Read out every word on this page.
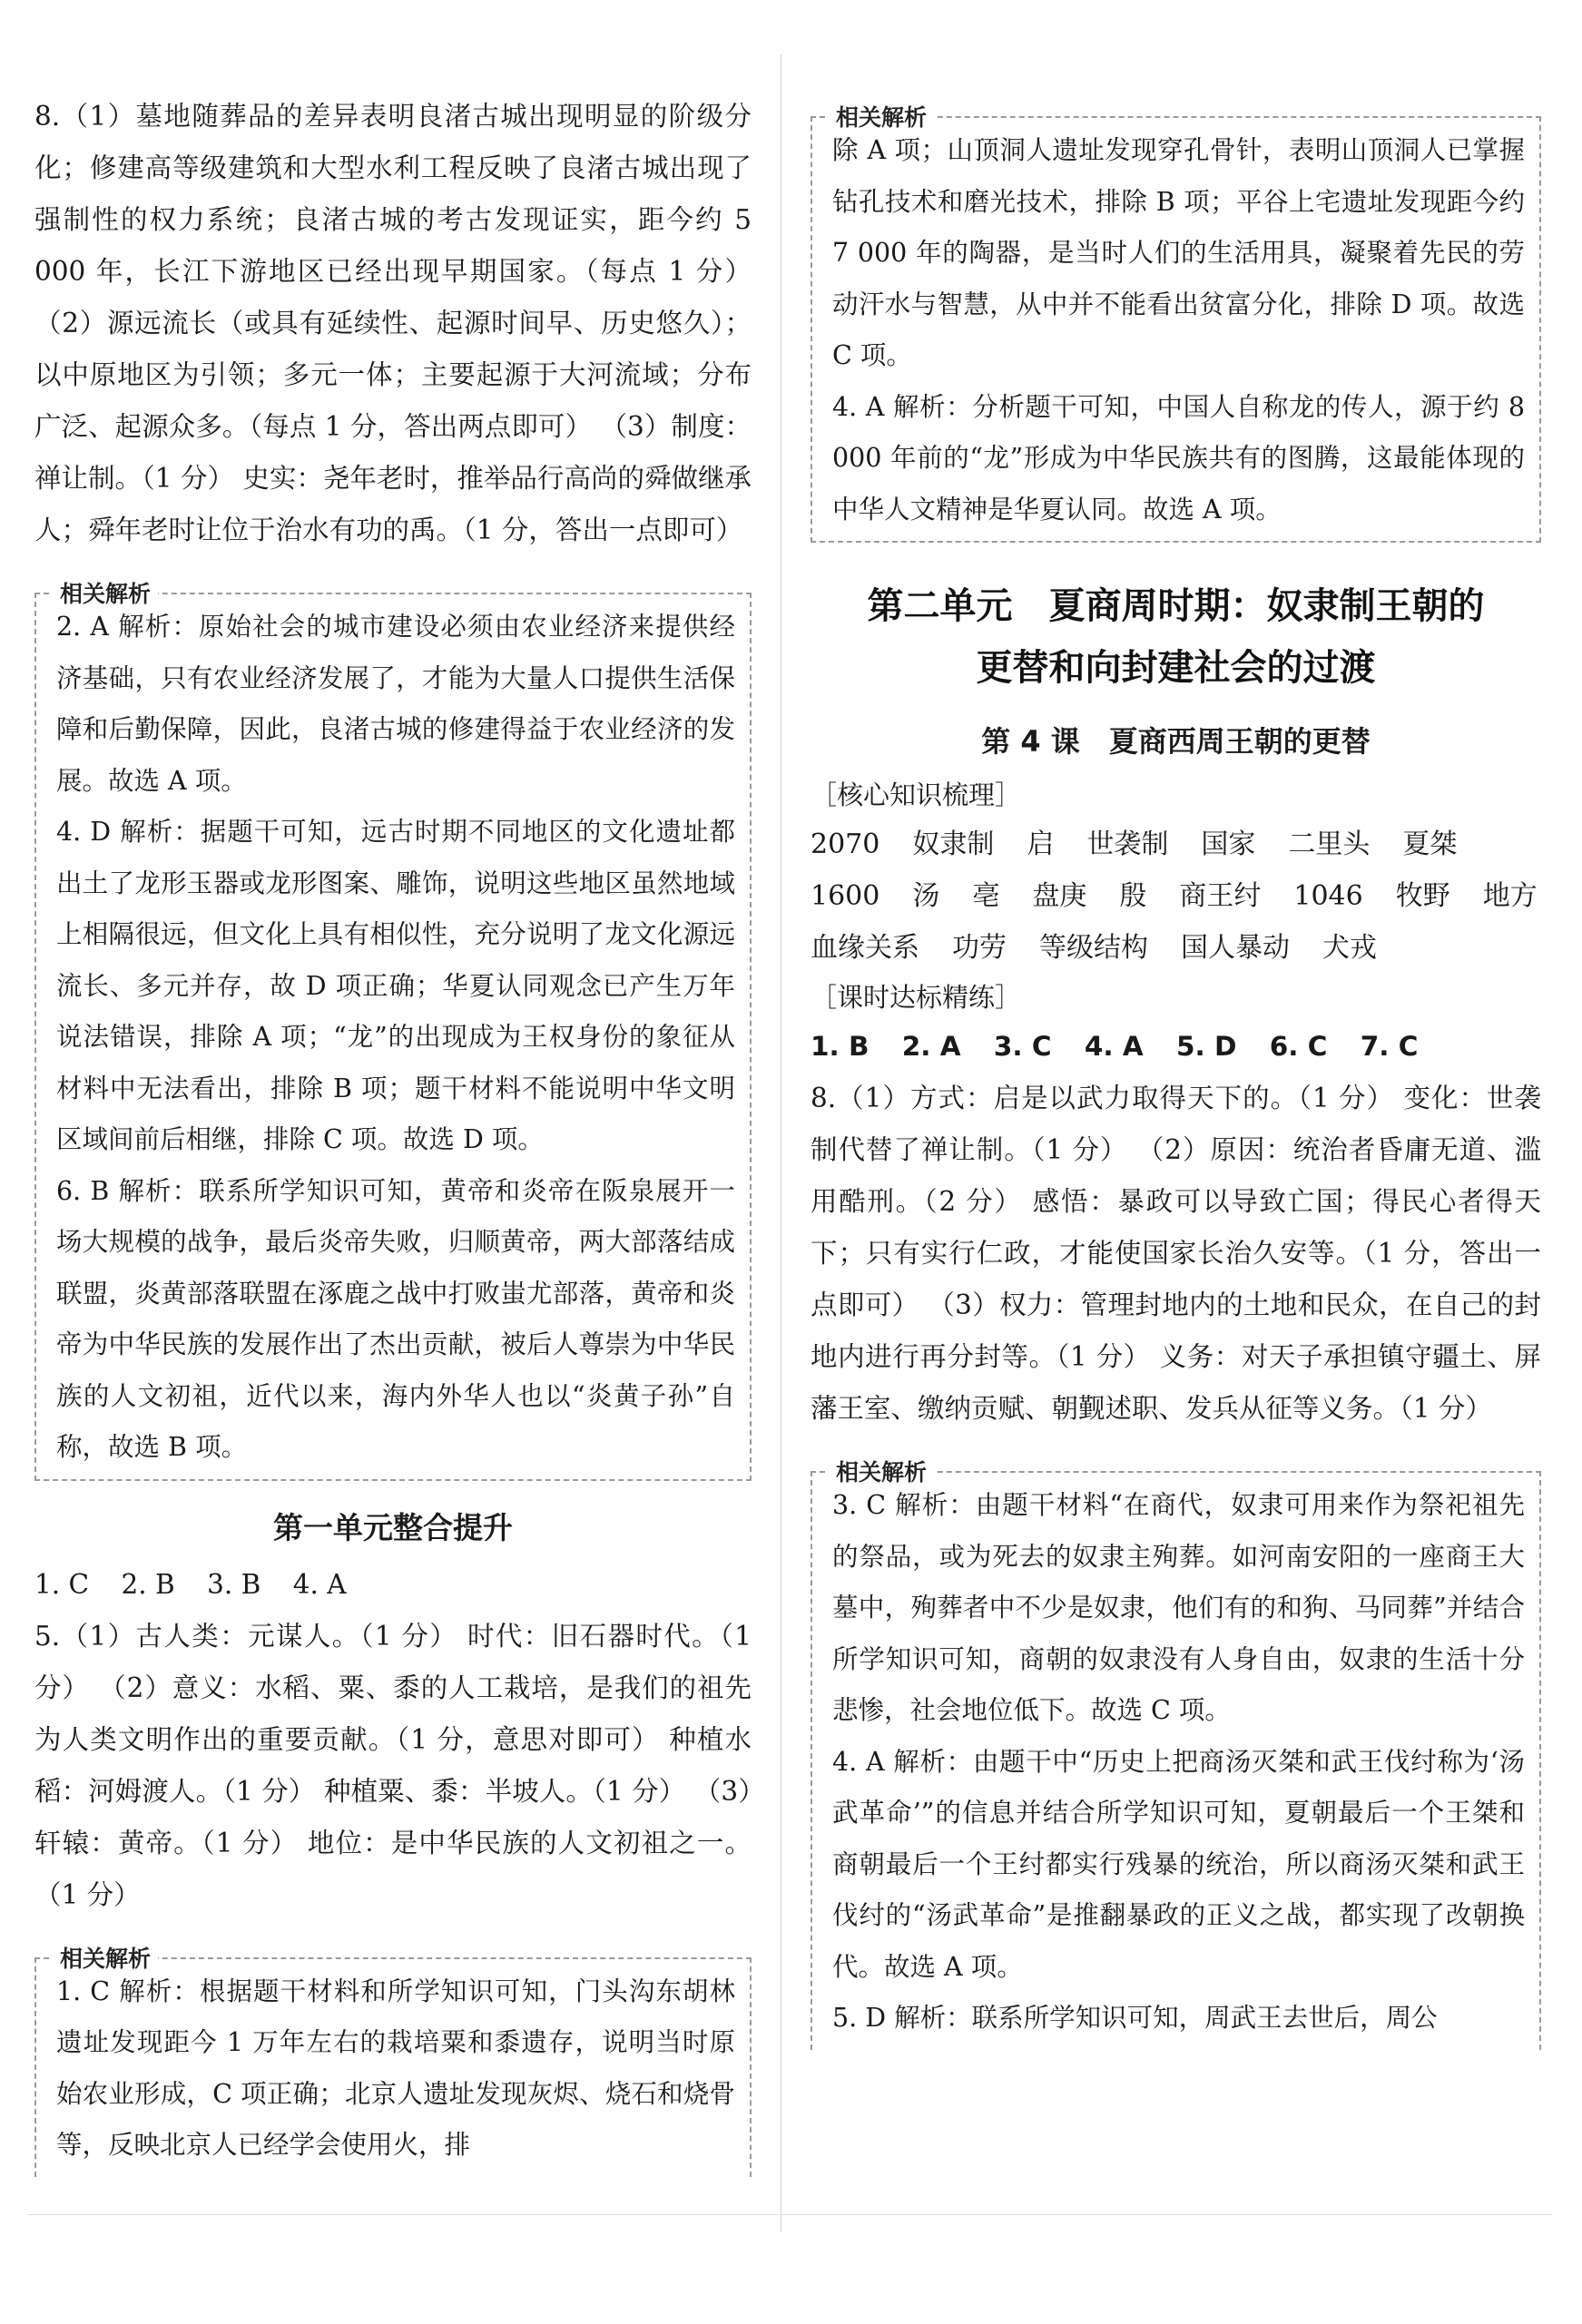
8.（1）墓地随葬品的差异表明良渚古城出现明显的阶级分化；修建高等级建筑和大型水利工程反映了良渚古城出现了强制性的权力系统；良渚古城的考古发现证实，距今约 5 000 年，长江下游地区已经出现早期国家。（每点 1 分） （2）源远流长（或具有延续性、起源时间早、历史悠久）；以中原地区为引领；多元一体；主要起源于大河流域；分布广泛、起源众多。（每点 1 分，答出两点即可） （3）制度：禅让制。（1 分） 史实：尧年老时，推举品行高尚的舜做继承人；舜年老时让位于治水有功的禹。（1 分，答出一点即可）

相关解析

2. A 解析：原始社会的城市建设必须由农业经济来提供经济基础，只有农业经济发展了，才能为大量人口提供生活保障和后勤保障，因此，良渚古城的修建得益于农业经济的发展。故选 A 项。

4. D 解析：据题干可知，远古时期不同地区的文化遗址都出土了龙形玉器或龙形图案、雕饰，说明这些地区虽然地域上相隔很远，但文化上具有相似性，充分说明了龙文化源远流长、多元并存，故 D 项正确；华夏认同观念已产生万年说法错误，排除 A 项；“龙”的出现成为王权身份的象征从材料中无法看出，排除 B 项；题干材料不能说明中华文明区域间前后相继，排除 C 项。故选 D 项。

6. B 解析：联系所学知识可知，黄帝和炎帝在阪泉展开一场大规模的战争，最后炎帝失败，归顺黄帝，两大部落结成联盟，炎黄部落联盟在涿鹿之战中打败蚩尤部落，黄帝和炎帝为中华民族的发展作出了杰出贡献，被后人尊崇为中华民族的人文初祖，近代以来，海内外华人也以“炎黄子孙”自称，故选 B 项。

第一单元整合提升

1. C 2. B 3. B 4. A

5.（1）古人类：元谋人。（1 分） 时代：旧石器时代。（1 分） （2）意义：水稻、粟、黍的人工栽培，是我们的祖先为人类文明作出的重要贡献。（1 分，意思对即可） 种植水稻：河姆渡人。（1 分） 种植粟、黍：半坡人。（1 分） （3）轩辕：黄帝。（1 分） 地位：是中华民族的人文初祖之一。（1 分）

相关解析

1. C 解析：根据题干材料和所学知识可知，门头沟东胡林遗址发现距今 1 万年左右的栽培粟和黍遗存，说明当时原始农业形成，C 项正确；北京人遗址发现灰烬、烧石和烧骨等，反映北京人已经学会使用火，排

相关解析

除 A 项；山顶洞人遗址发现穿孔骨针，表明山顶洞人已掌握钻孔技术和磨光技术，排除 B 项；平谷上宅遗址发现距今约 7 000 年的陶器，是当时人们的生活用具，凝聚着先民的劳动汗水与智慧，从中并不能看出贫富分化，排除 D 项。故选 C 项。

4. A 解析：分析题干可知，中国人自称龙的传人，源于约 8 000 年前的“龙”形成为中华民族共有的图腾，这最能体现的中华人文精神是华夏认同。故选 A 项。

第二单元　夏商周时期：奴隶制王朝的
更替和向封建社会的过渡
第 4 课　夏商西周王朝的更替

［核心知识梳理］

2070 奴隶制 启 世袭制 国家 二里头 夏桀1600 汤 亳 盘庚 殷 商王纣 1046 牧野 地方血缘关系 功劳 等级结构 国人暴动 犬戎

［课时达标精练］

1. B 2. A 3. C 4. A 5. D 6. C 7. C

8.（1）方式：启是以武力取得天下的。（1 分） 变化：世袭制代替了禅让制。（1 分） （2）原因：统治者昏庸无道、滥用酷刑。（2 分） 感悟：暴政可以导致亡国；得民心者得天下；只有实行仁政，才能使国家长治久安等。（1 分，答出一点即可） （3）权力：管理封地内的土地和民众，在自己的封地内进行再分封等。（1 分） 义务：对天子承担镇守疆土、屏藩王室、缴纳贡赋、朝觐述职、发兵从征等义务。（1 分）

相关解析

3. C 解析：由题干材料“在商代，奴隶可用来作为祭祀祖先的祭品，或为死去的奴隶主殉葬。如河南安阳的一座商王大墓中，殉葬者中不少是奴隶，他们有的和狗、马同葬”并结合所学知识可知，商朝的奴隶没有人身自由，奴隶的生活十分悲惨，社会地位低下。故选 C 项。

4. A 解析：由题干中“历史上把商汤灭桀和武王伐纣称为‘汤武革命’”的信息并结合所学知识可知，夏朝最后一个王桀和商朝最后一个王纣都实行残暴的统治，所以商汤灭桀和武王伐纣的“汤武革命”是推翻暴政的正义之战，都实现了改朝换代。故选 A 项。

5. D 解析：联系所学知识可知，周武王去世后，周公
